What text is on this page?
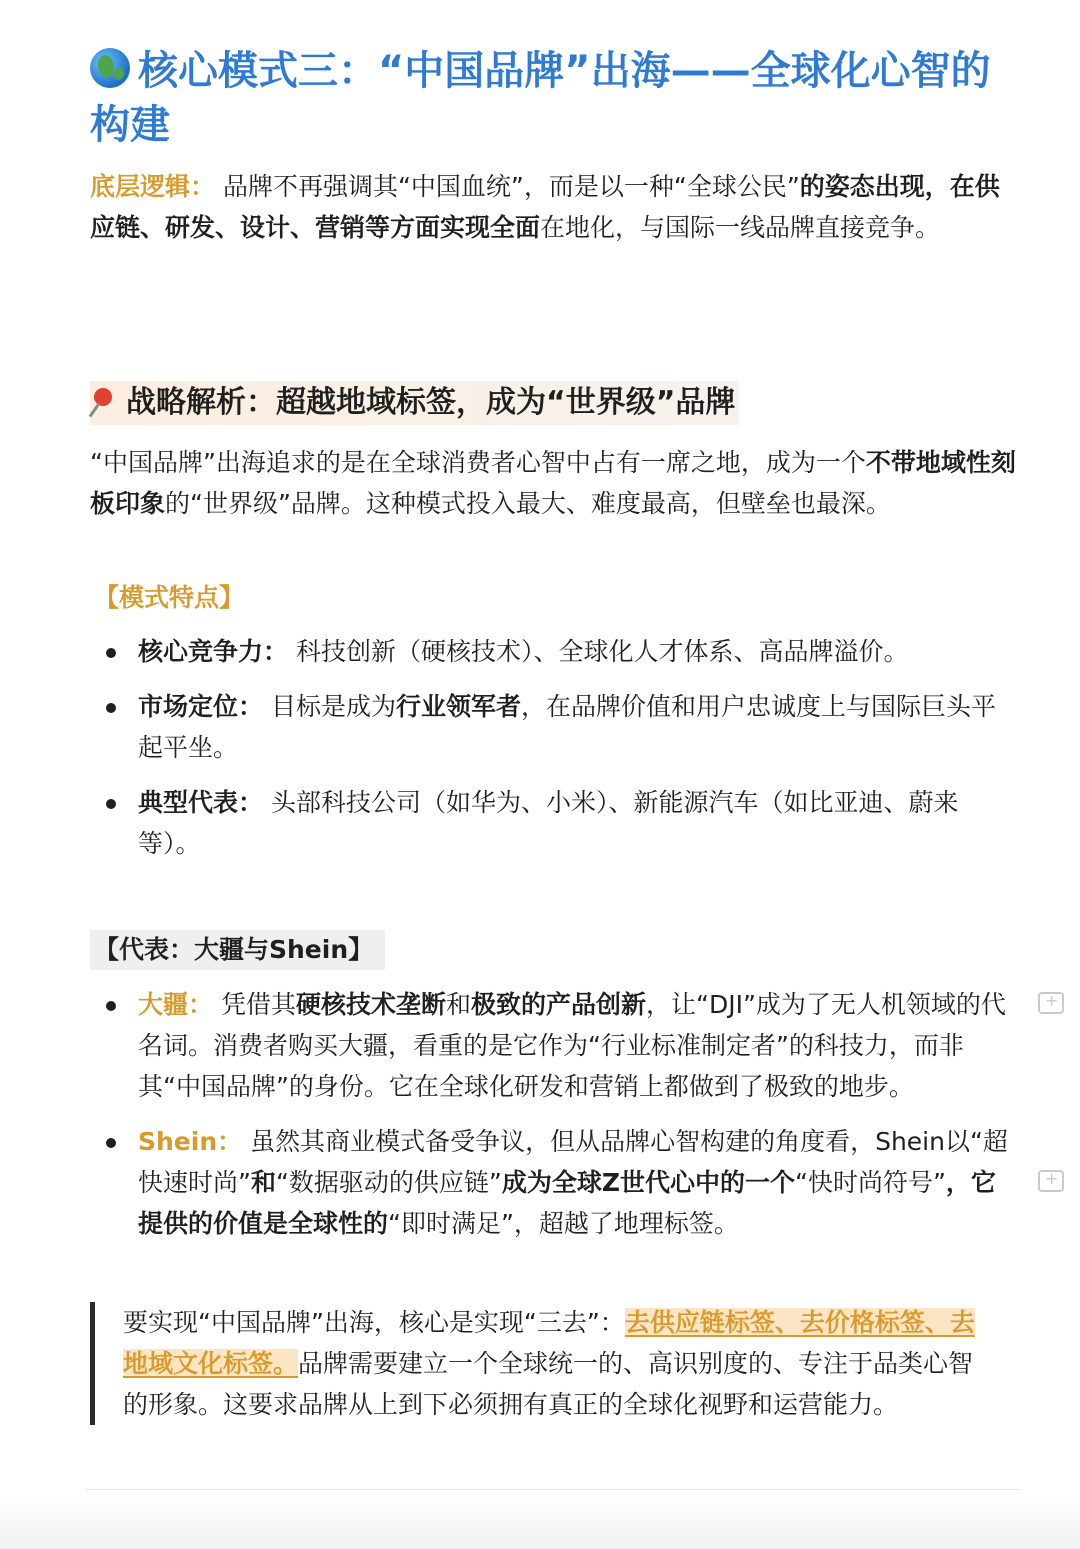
核心模式三：“中国品牌”出海——全球化心智的构建

底层逻辑： 品牌不再强调其“中国血统”，而是以一种“全球公民”的姿态出现，在供应链、研发、设计、营销等方面实现全面在地化，与国际一线品牌直接竞争。

战略解析：超越地域标签，成为“世界级”品牌

“中国品牌”出海追求的是在全球消费者心智中占有一席之地，成为一个不带地域性刻板印象的“世界级”品牌。这种模式投入最大、难度最高，但壁垒也最深。

【模式特点】
核心竞争力： 科技创新（硬核技术）、全球化人才体系、高品牌溢价。
市场定位： 目标是成为行业领军者，在品牌价值和用户忠诚度上与国际巨头平起平坐。
典型代表： 头部科技公司（如华为、小米）、新能源汽车（如比亚迪、蔚来等）。
【代表：大疆与Shein】
大疆： 凭借其硬核技术垄断和极致的产品创新，让“DJI”成为了无人机领域的代名词。消费者购买大疆，看重的是它作为“行业标准制定者”的科技力，而非其“中国品牌”的身份。它在全球化研发和营销上都做到了极致的地步。
Shein： 虽然其商业模式备受争议，但从品牌心智构建的角度看，Shein以“超快速时尚”和“数据驱动的供应链”成为全球Z世代心中的一个“快时尚符号”，它提供的价值是全球性的“即时满足”，超越了地理标签。

要实现“中国品牌”出海，核心是实现“三去”：去供应链标签、去价格标签、去地域文化标签。品牌需要建立一个全球统一的、高识别度的、专注于品类心智的形象。这要求品牌从上到下必须拥有真正的全球化视野和运营能力。

+
+
